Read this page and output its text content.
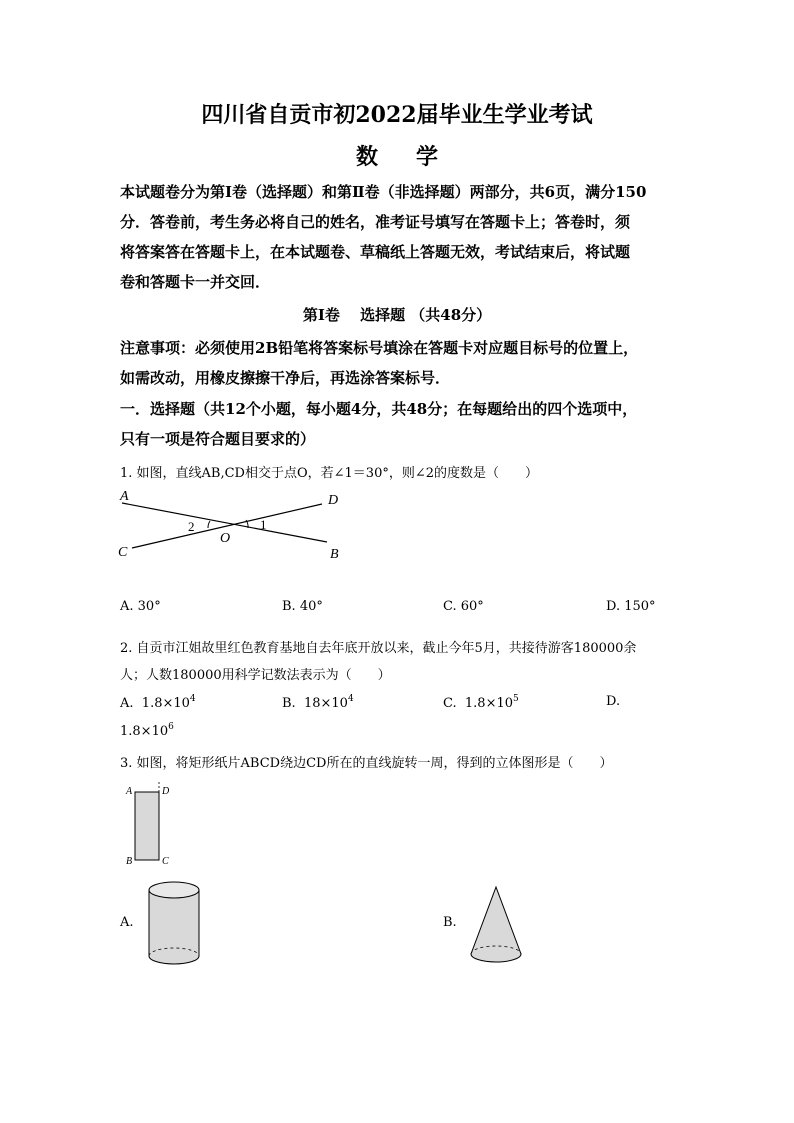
四川省自贡市初2022届毕业生学业考试
数学
本试题卷分为第Ⅰ卷（选择题）和第Ⅱ卷（非选择题）两部分，共6页，满分150
分．答卷前，考生务必将自己的姓名，准考证号填写在答题卡上；答卷时，须
将答案答在答题卡上，在本试题卷、草稿纸上答题无效，考试结束后，将试题
卷和答题卡一并交回．
第Ⅰ卷　 选择题 （共48分）
注意事项：必须使用2B铅笔将答案标号填涂在答题卡对应题目标号的位置上，
如需改动，用橡皮擦擦干净后，再选涂答案标号．
一．选择题（共12个小题，每小题4分，共48分；在每题给出的四个选项中，
只有一项是符合题目要求的）
1. 如图，直线AB,CD相交于点O，若∠1＝30°，则∠2的度数是（　　）
A
B
C
D
O
1
2
A. 30°	B. 40°	C. 60°	D. 150°
2. 自贡市江姐故里红色教育基地自去年底开放以来，截止今年5月，共接待游客180000余
人；人数180000用科学记数法表示为（　　）
A. $1.8\times 10^4$	B. $18\times 10^4$	C. $1.8\times 10^5$	D.
$1.8\times 10^6$
3. 如图，将矩形纸片ABCD绕边CD所在的直线旋转一周，得到的立体图形是（　　）
A	D
B	C
A.	B.
